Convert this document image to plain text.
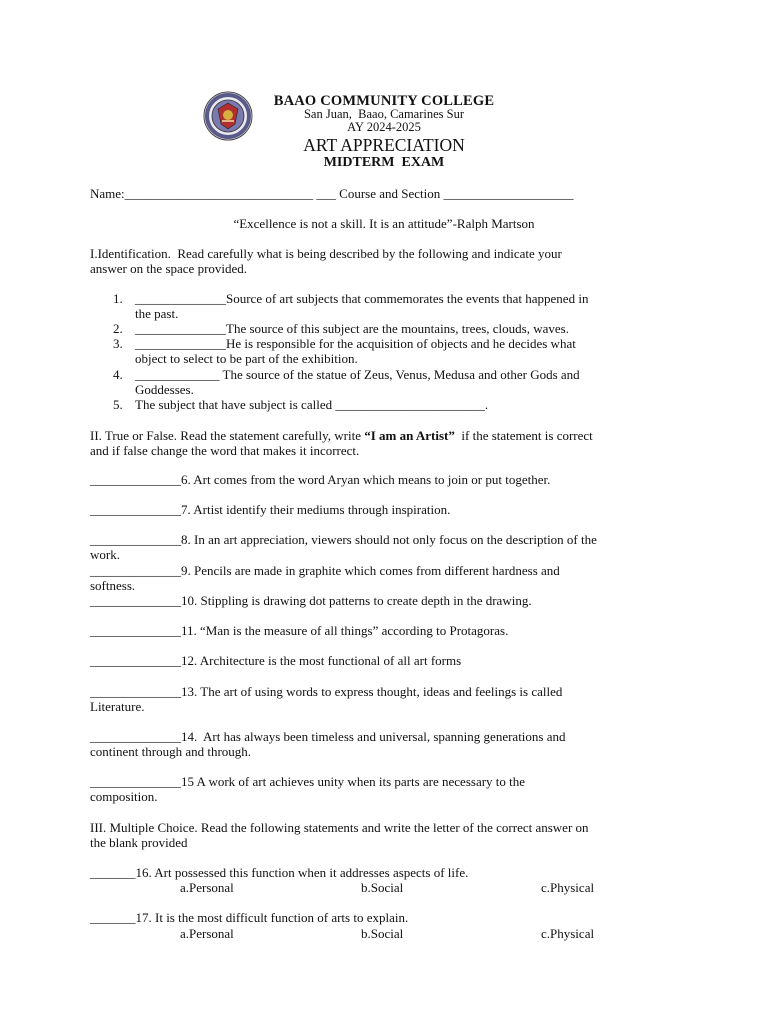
BAAO COMMUNITY COLLEGE
San Juan,  Baao, Camarines Sur
AY 2024-2025
ART APPRECIATION
MIDTERM  EXAM
Name:_____________________________ ___ Course and Section ____________________
“Excellence is not a skill. It is an attitude”-Ralph Martson
I.Identification.  Read carefully what is being described by the following and indicate your
answer on the space provided.
1. ______________Source of art subjects that commemorates the events that happened in
the past.
2. ______________The source of this subject are the mountains, trees, clouds, waves.
3. ______________He is responsible for the acquisition of objects and he decides what
object to select to be part of the exhibition.
4. _____________ The source of the statue of Zeus, Venus, Medusa and other Gods and
Goddesses.
5. The subject that have subject is called _______________________.
II. True or False. Read the statement carefully, write “I am an Artist”  if the statement is correct
and if false change the word that makes it incorrect.
______________6. Art comes from the word Aryan which means to join or put together.
______________7. Artist identify their mediums through inspiration.
______________8. In an art appreciation, viewers should not only focus on the description of the
work.
______________9. Pencils are made in graphite which comes from different hardness and
softness.
______________10. Stippling is drawing dot patterns to create depth in the drawing.
______________11. “Man is the measure of all things” according to Protagoras.
______________12. Architecture is the most functional of all art forms
______________13. The art of using words to express thought, ideas and feelings is called
Literature.
______________14.  Art has always been timeless and universal, spanning generations and
continent through and through.
______________15 A work of art achieves unity when its parts are necessary to the
composition.
III. Multiple Choice. Read the following statements and write the letter of the correct answer on
the blank provided
_______16. Art possessed this function when it addresses aspects of life.
a.Personal	b.Social	c.Physical
_______17. It is the most difficult function of arts to explain.
a.Personal	b.Social	c.Physical
